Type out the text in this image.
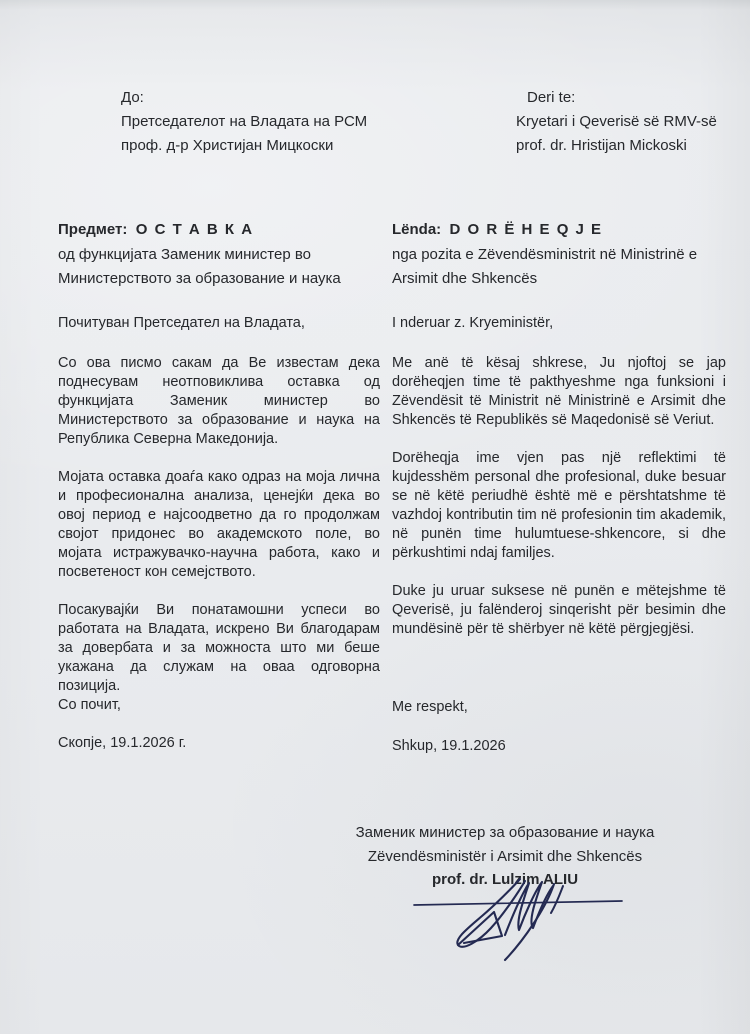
До:
Претседателот на Владата на РСМ
проф. д-р Христијан Мицкоски
Deri te:
Kryetari i Qeverisë së RMV-së
prof. dr. Hristijan Mickoski
Предмет: О С Т А В К А
од функцијата Заменик министер во
Министерството за образование и наука
Lënda: D O R Ë H E Q J E
nga pozita e Zëvendësministrit në Ministrinë e
Arsimit dhe Shkencës
Почитуван Претседател на Владата,

Со ова писмо сакам да Ве известам дека поднесувам неотповиклива оставка од функцијата Заменик министер во Министерството за образование и наука на Република Северна Македонија.

Мојата оставка доаѓа како одраз на моја лична и професионална анализа, ценејќи дека во овој период е најсоодветно да го продолжам својот придонес во академското поле, во мојата истражувачко-научна работа, како и посветеност кон семејството.

Посакувајќи Ви понатамошни успеси во работата на Владата, искрено Ви благодарам за довербата и за можноста што ми беше укажана да служам на оваа одговорна позиција.

I nderuar z. Kryeministër,

Me anë të kësaj shkrese, Ju njoftoj se jap dorëheqjen time të pakthyeshme nga funksioni i Zëvendësit të Ministrit në Ministrinë e Arsimit dhe Shkencës të Republikës së Maqedonisë së Veriut.

Dorëheqja ime vjen pas një reflektimi të kujdesshëm personal dhe profesional, duke besuar se në këtë periudhë është më e përshtatshme të vazhdoj kontributin tim në profesionin tim akademik, në punën time hulumtuese-shkencore, si dhe përkushtimi ndaj familjes.

Duke ju uruar suksese në punën e mëtejshme të Qeverisë, ju falënderoj sinqerisht për besimin dhe mundësinë për të shërbyer në këtë përgjegjësi.

Со почит,
Скопје, 19.1.2026 г.
Me respekt,
Shkup, 19.1.2026
Заменик министер за образование и наука
Zëvendësministër i Arsimit dhe Shkencës
prof. dr. Lulzim ALIU
